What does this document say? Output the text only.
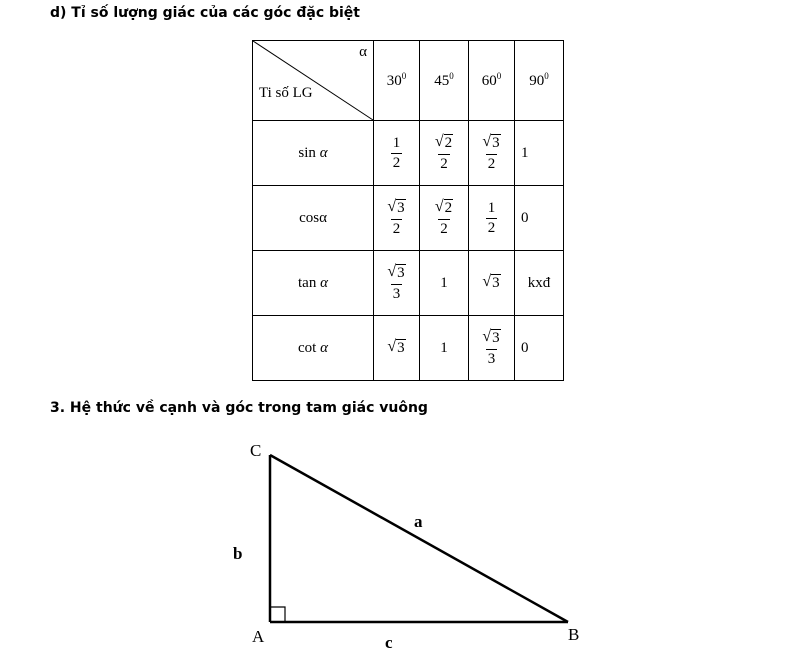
d) Tỉ số lượng giác của các góc đặc biệt
α
Ti số LG	$30^0$	$45^0$	$60^0$	$90^0$
sin α	$\frac{1}{2}$	$\frac{√ 2}{2}$	$\frac{√ 3}{2}$	1
cosα	$\frac{√ 3}{2}$	$\frac{√ 2}{2}$	$\frac{1}{2}$	0
tan α	$\frac{√ 3}{3}$	1	√ 3	kxđ
cot α	√ 3	1	$\frac{√ 3}{3}$	0
3. Hệ thức về cạnh và góc trong tam giác vuông
C
A	B
a
b
c
